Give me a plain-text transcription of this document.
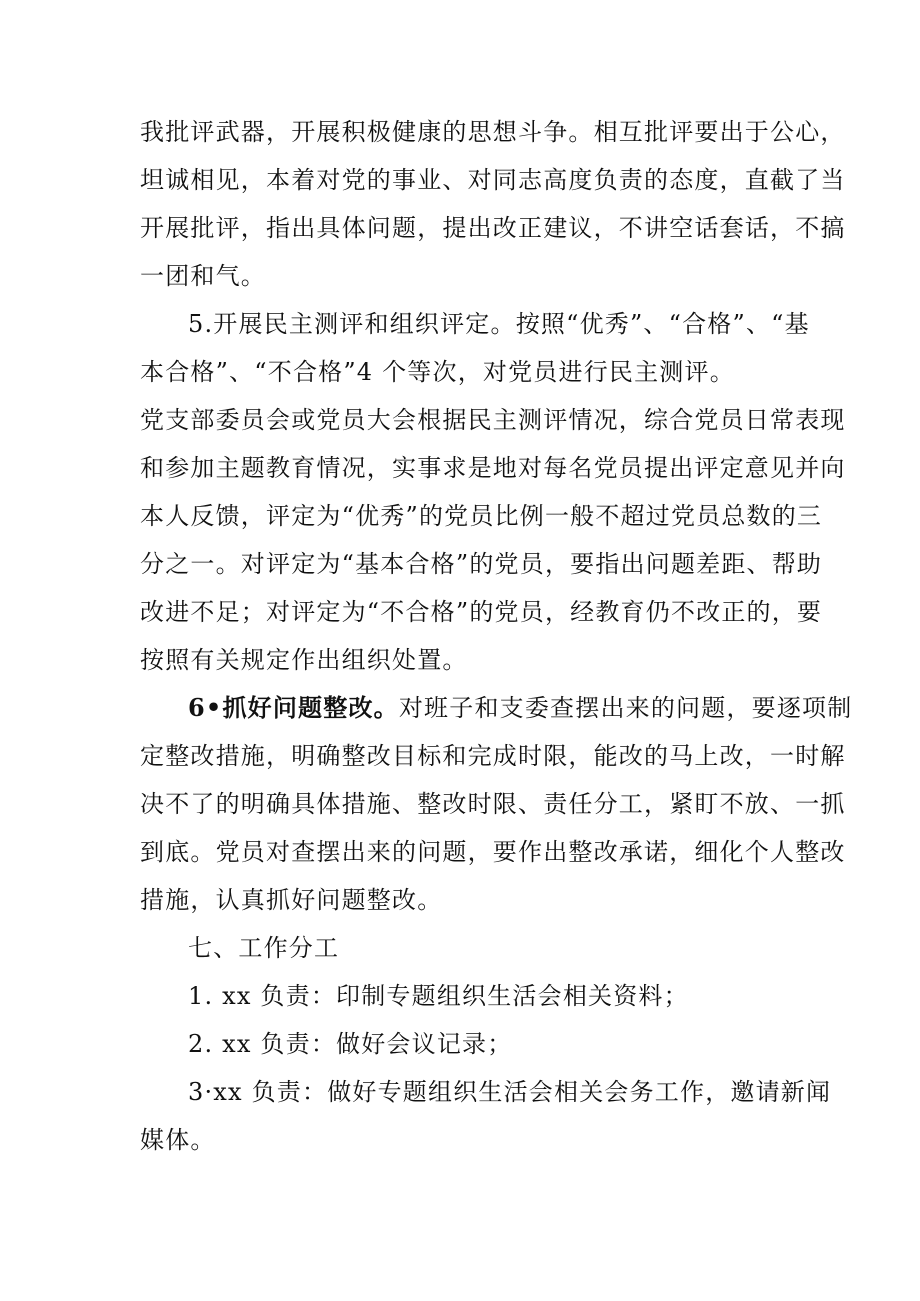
我批评武器，开展积极健康的思想斗争。相互批评要出于公心，
坦诚相见，本着对党的事业、对同志高度负责的态度，直截了当
开展批评，指出具体问题，提出改正建议，不讲空话套话，不搞
一团和气。
5.开展民主测评和组织评定。按照“优秀”、“合格”、“基
本合格”、“不合格”4 个等次，对党员进行民主测评。
党支部委员会或党员大会根据民主测评情况，综合党员日常表现
和参加主题教育情况，实事求是地对每名党员提出评定意见并向
本人反馈，评定为“优秀”的党员比例一般不超过党员总数的三
分之一。对评定为“基本合格”的党员，要指出问题差距、帮助
改进不足；对评定为“不合格”的党员，经教育仍不改正的，要
按照有关规定作出组织处置。
6•抓好问题整改。对班子和支委查摆出来的问题，要逐项制
定整改措施，明确整改目标和完成时限，能改的马上改，一时解
决不了的明确具体措施、整改时限、责任分工，紧盯不放、一抓
到底。党员对查摆出来的问题，要作出整改承诺，细化个人整改
措施，认真抓好问题整改。
七、工作分工
1. xx 负责：印制专题组织生活会相关资料；
2. xx 负责：做好会议记录；
3·xx 负责：做好专题组织生活会相关会务工作，邀请新闻
媒体。
